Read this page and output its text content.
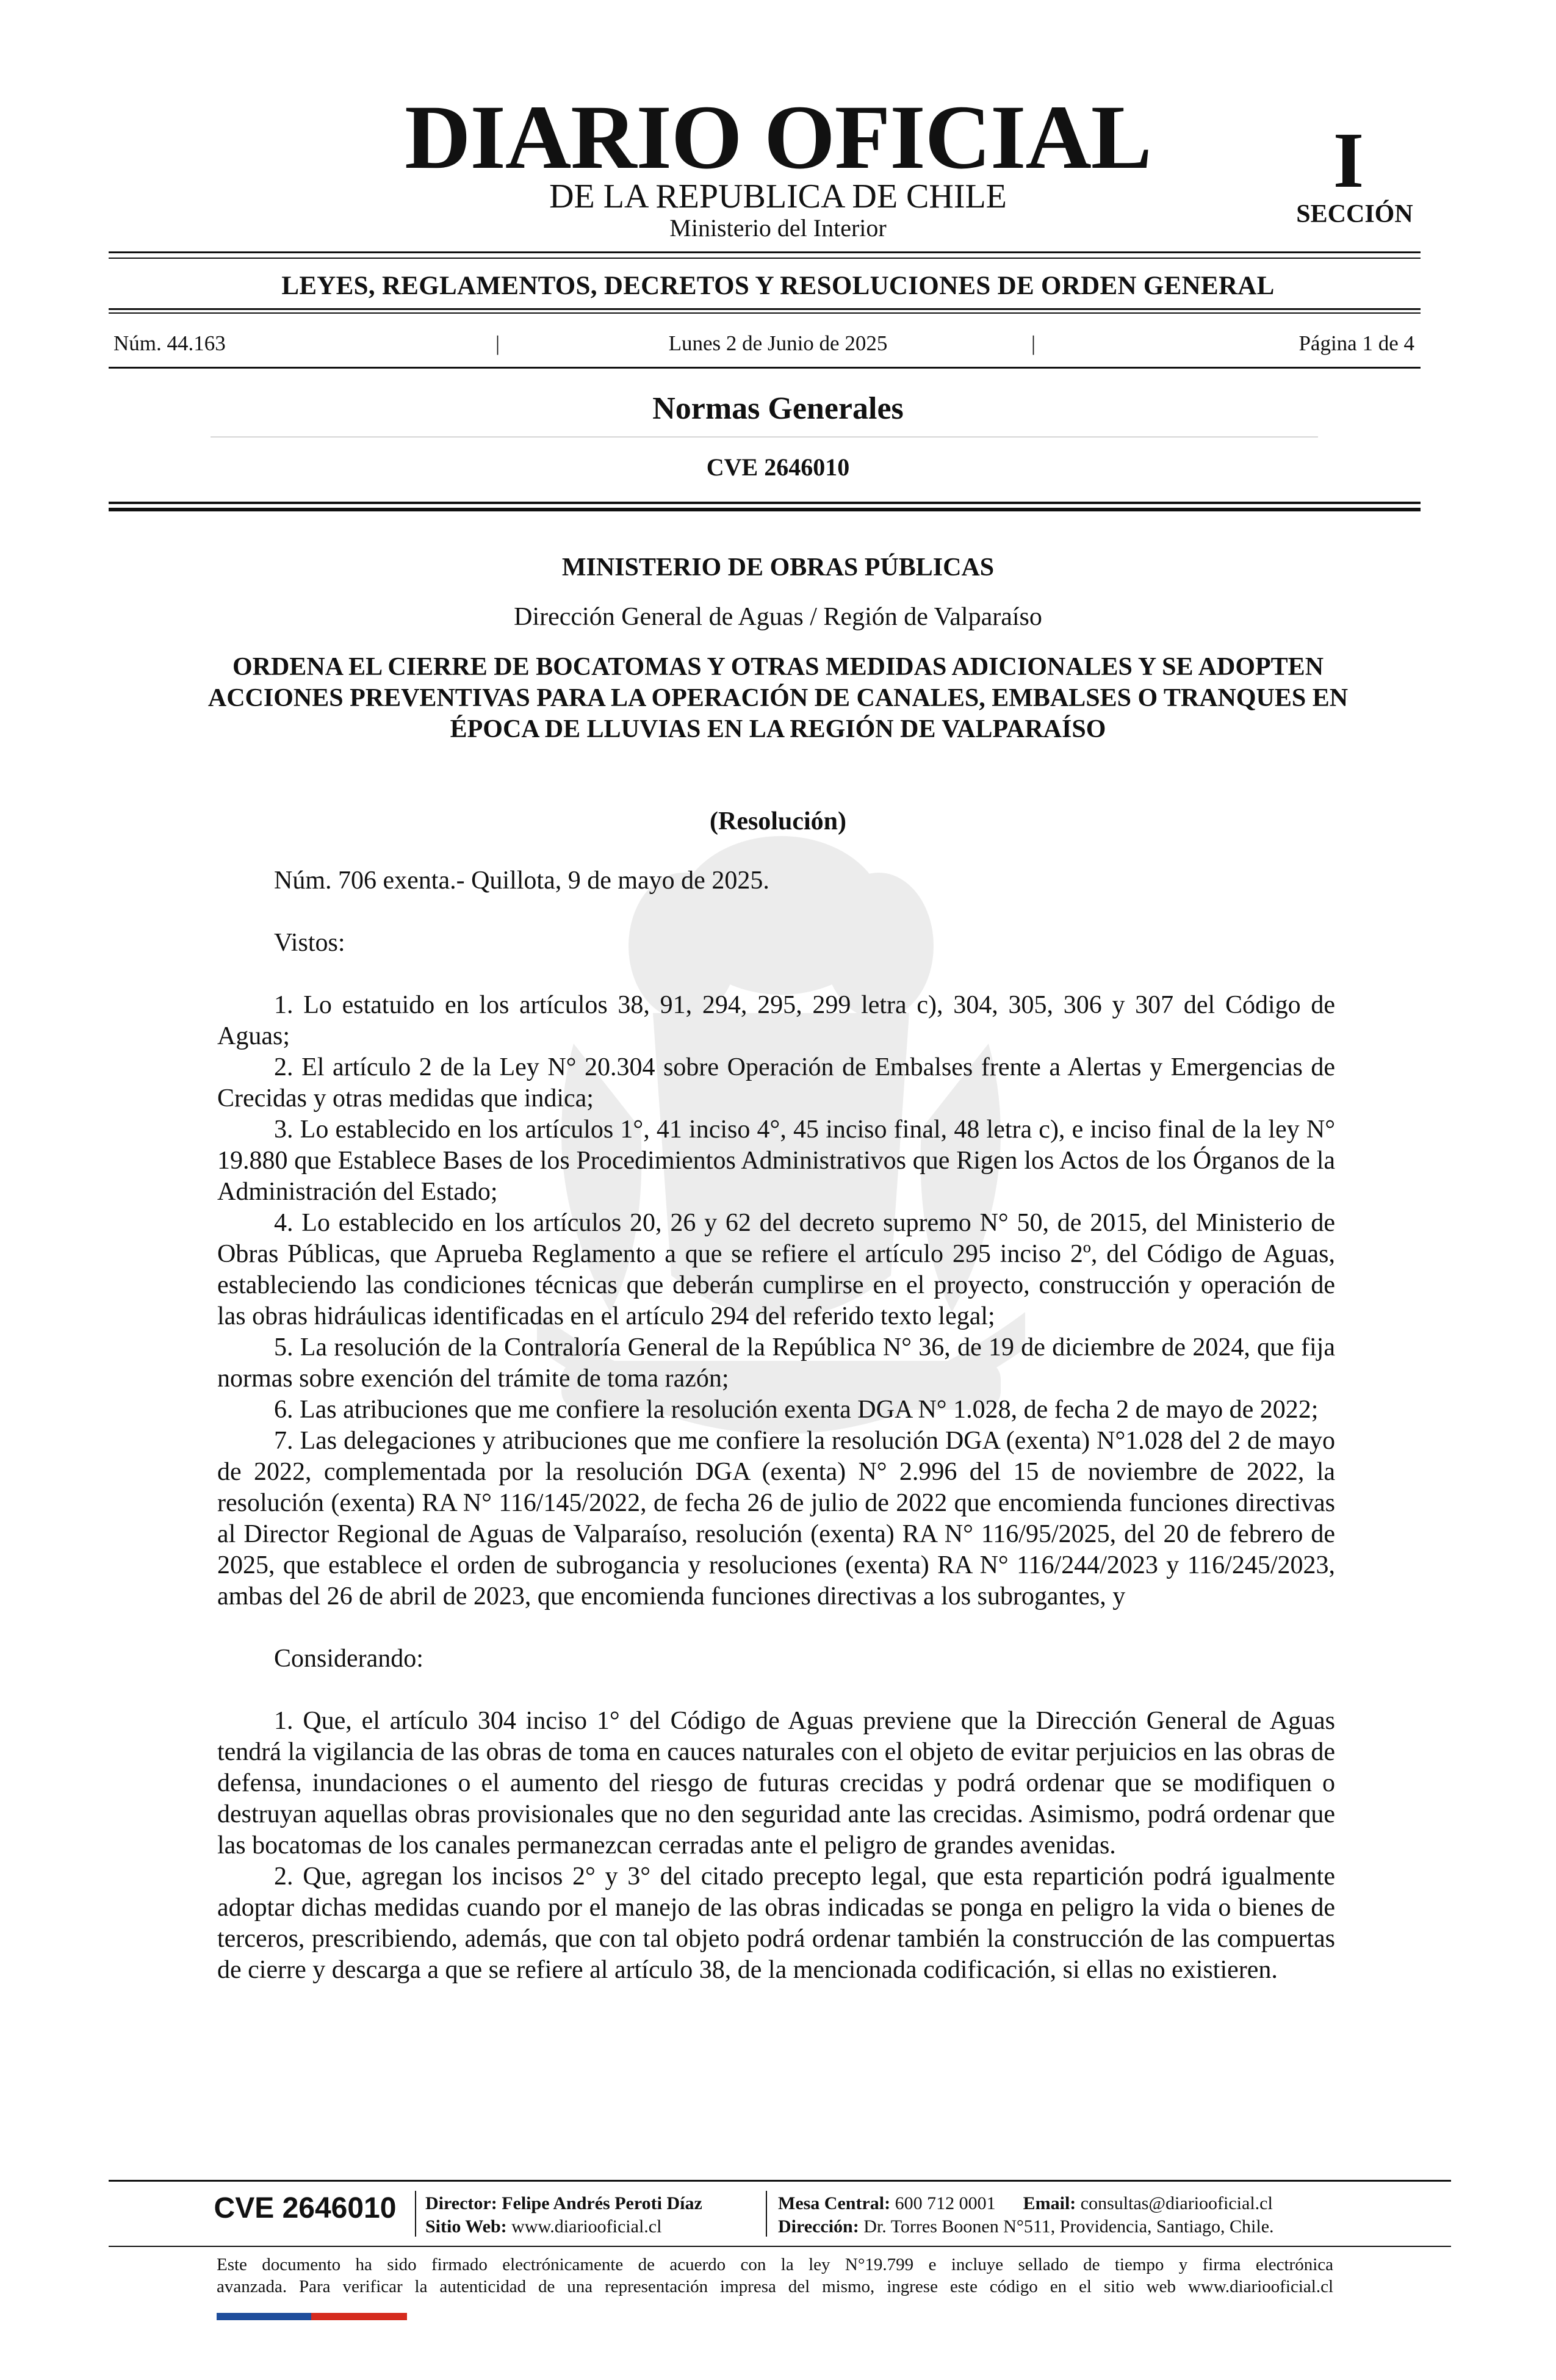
DIARIO OFICIAL
DE LA REPUBLICA DE CHILE
Ministerio del Interior
I
SECCIÓN
LEYES, REGLAMENTOS, DECRETOS Y RESOLUCIONES DE ORDEN GENERAL
Núm. 44.163	|	Lunes 2 de Junio de 2025	|	Página 1 de 4
Normas Generales
CVE 2646010
MINISTERIO DE OBRAS PÚBLICAS
Dirección General de Aguas / Región de Valparaíso
ORDENA EL CIERRE DE BOCATOMAS Y OTRAS MEDIDAS ADICIONALES Y SE ADOPTEN ACCIONES PREVENTIVAS PARA LA OPERACIÓN DE CANALES, EMBALSES O TRANQUES EN ÉPOCA DE LLUVIAS EN LA REGIÓN DE VALPARAÍSO
(Resolución)

Núm. 706 exenta.- Quillota, 9 de mayo de 2025.

Vistos:

1. Lo estatuido en los artículos 38, 91, 294, 295, 299 letra c), 304, 305, 306 y 307 del Código de Aguas;

2. El artículo 2 de la Ley N° 20.304 sobre Operación de Embalses frente a Alertas y Emergencias de Crecidas y otras medidas que indica;

3. Lo establecido en los artículos 1°, 41 inciso 4°, 45 inciso final, 48 letra c), e inciso final de la ley N° 19.880 que Establece Bases de los Procedimientos Administrativos que Rigen los Actos de los Órganos de la Administración del Estado;

4. Lo establecido en los artículos 20, 26 y 62 del decreto supremo N° 50, de 2015, del Ministerio de Obras Públicas, que Aprueba Reglamento a que se refiere el artículo 295 inciso 2º, del Código de Aguas, estableciendo las condiciones técnicas que deberán cumplirse en el proyecto, construcción y operación de las obras hidráulicas identificadas en el artículo 294 del referido texto legal;

5. La resolución de la Contraloría General de la República N° 36, de 19 de diciembre de 2024, que fija normas sobre exención del trámite de toma razón;

6. Las atribuciones que me confiere la resolución exenta DGA N° 1.028, de fecha 2 de mayo de 2022;

7. Las delegaciones y atribuciones que me confiere la resolución DGA (exenta) N°1.028 del 2 de mayo de 2022, complementada por la resolución DGA (exenta) N° 2.996 del 15 de noviembre de 2022, la resolución (exenta) RA N° 116/145/2022, de fecha 26 de julio de 2022 que encomienda funciones directivas al Director Regional de Aguas de Valparaíso, resolución (exenta) RA N° 116/95/2025, del 20 de febrero de 2025, que establece el orden de subrogancia y resoluciones (exenta) RA N° 116/244/2023 y 116/245/2023, ambas del 26 de abril de 2023, que encomienda funciones directivas a los subrogantes, y

Considerando:

1. Que, el artículo 304 inciso 1° del Código de Aguas previene que la Dirección General de Aguas tendrá la vigilancia de las obras de toma en cauces naturales con el objeto de evitar perjuicios en las obras de defensa, inundaciones o el aumento del riesgo de futuras crecidas y podrá ordenar que se modifiquen o destruyan aquellas obras provisionales que no den seguridad ante las crecidas. Asimismo, podrá ordenar que las bocatomas de los canales permanezcan cerradas ante el peligro de grandes avenidas.

2. Que, agregan los incisos 2° y 3° del citado precepto legal, que esta repartición podrá igualmente adoptar dichas medidas cuando por el manejo de las obras indicadas se ponga en peligro la vida o bienes de terceros, prescribiendo, además, que con tal objeto podrá ordenar también la construcción de las compuertas de cierre y descarga a que se refiere al artículo 38, de la mencionada codificación, si ellas no existieren.

CVE 2646010	Director: Felipe Andrés Peroti Díaz
Sitio Web: www.diariooficial.cl
Mesa Central: 600 712 0001 Email: consultas@diariooficial.cl
Dirección: Dr. Torres Boonen N°511, Providencia, Santiago, Chile.
Este documento ha sido firmado electrónicamente de acuerdo con la ley N°19.799 e incluye sellado de tiempo y firma electrónica
avanzada. Para verificar la autenticidad de una representación impresa del mismo, ingrese este código en el sitio web www.diariooficial.cl
